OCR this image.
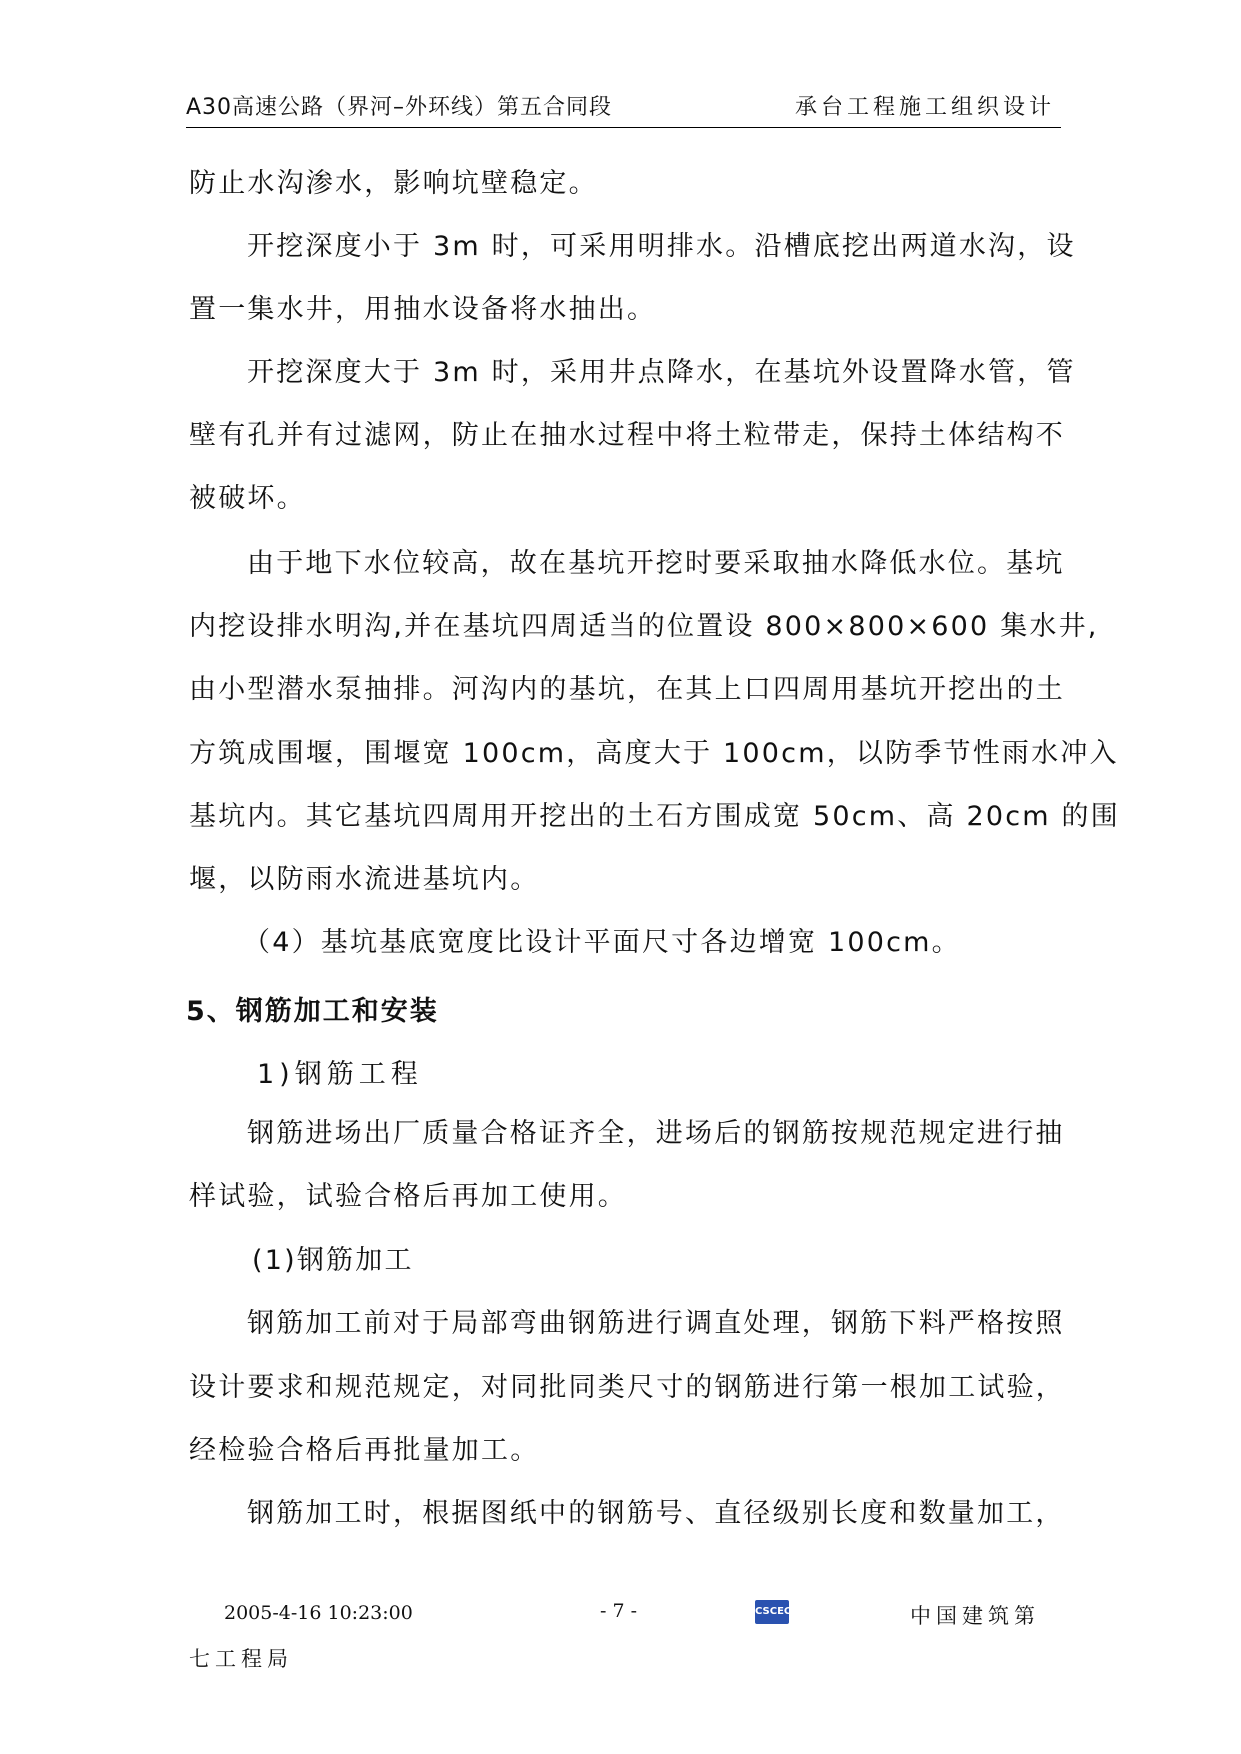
A30高速公路（界河–外环线）第五合同段	承台工程施工组织设计
防止水沟渗水，影响坑壁稳定。
开挖深度小于 3m 时，可采用明排水。沿槽底挖出两道水沟，设
置一集水井，用抽水设备将水抽出。
开挖深度大于 3m 时，采用井点降水，在基坑外设置降水管，管
壁有孔并有过滤网，防止在抽水过程中将土粒带走，保持土体结构不
被破坏。
由于地下水位较高，故在基坑开挖时要采取抽水降低水位。基坑
内挖设排水明沟,并在基坑四周适当的位置设 800×800×600 集水井,
由小型潜水泵抽排。河沟内的基坑，在其上口四周用基坑开挖出的土
方筑成围堰，围堰宽 100cm，高度大于 100cm，以防季节性雨水冲入
基坑内。其它基坑四周用开挖出的土石方围成宽 50cm、高 20cm 的围
堰，以防雨水流进基坑内。
（4）基坑基底宽度比设计平面尺寸各边增宽 100cm。
5、钢筋加工和安装
1)钢筋工程
钢筋进场出厂质量合格证齐全，进场后的钢筋按规范规定进行抽
样试验，试验合格后再加工使用。
(1)钢筋加工
钢筋加工前对于局部弯曲钢筋进行调直处理，钢筋下料严格按照
设计要求和规范规定，对同批同类尺寸的钢筋进行第一根加工试验，
经检验合格后再批量加工。
钢筋加工时，根据图纸中的钢筋号、直径级别长度和数量加工，
2005-4-16 10:23:00	- 7 -	CSCEC	中国建筑第
七工程局
